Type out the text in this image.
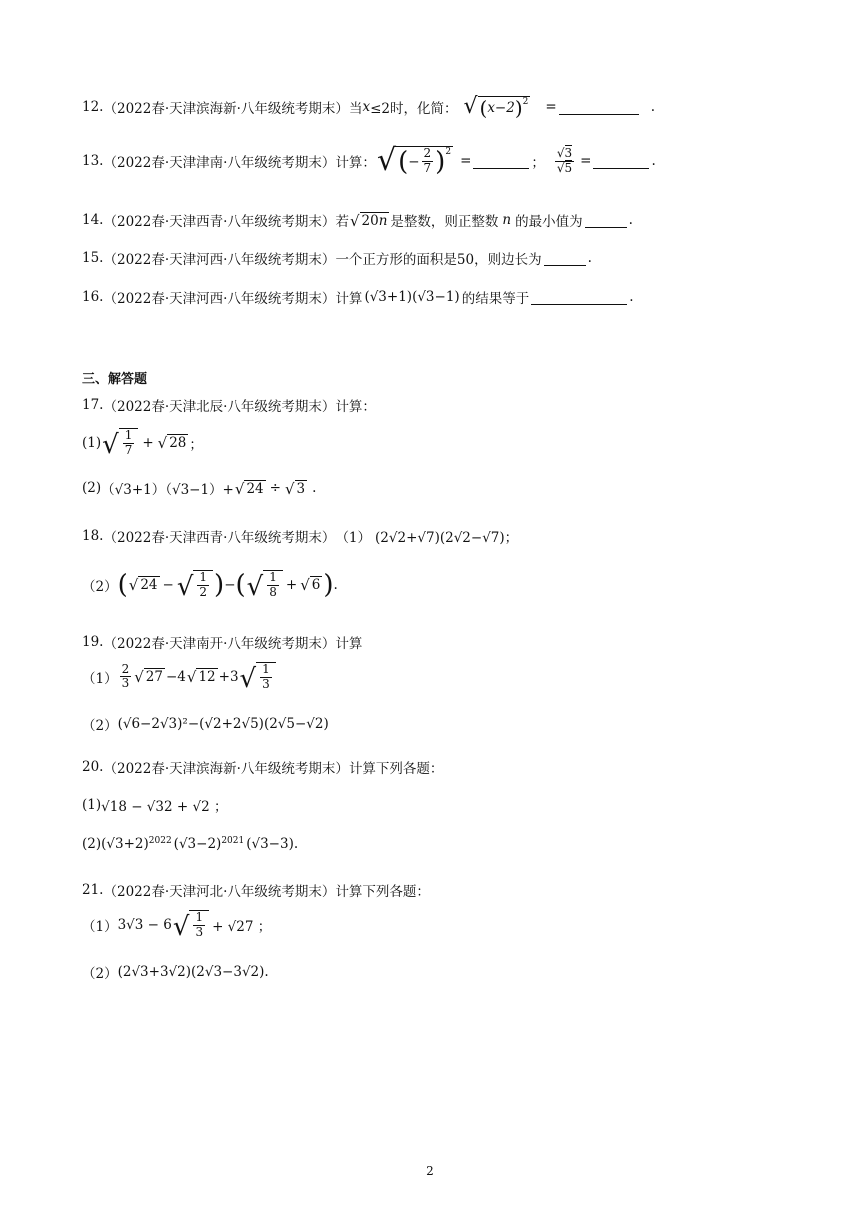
12. （2022春·天津滨海新·八年级统考期末） 当 x ≤2时，化简： √ ( x−2 )$^2$ =	.
13. （2022春·天津津南·八年级统考期末） 计算： √ ( − $\frac{2}{7} )^2$
=	； $\frac{√3}{√5}$ =	.
14. （2022春·天津西青·八年级统考期末） 若 √ 20 n 是整数，则正整数 n 的最小值为	.
15. （2022春·天津河西·八年级统考期末） 一个正方形的面积是50，则边长为	.
16. （2022春·天津河西·八年级统考期末） 计算 (√3+1)(√3−1) 的结果等于	.
三、解答题
17. （2022春·天津北辰·八年级统考期末） 计算：
(1) √ $\frac{1}{7}$ + √ 28 ；
(2) （√3+1）（√3−1）+ √ 24 ÷ √ 3 .
18. （2022春·天津西青·八年级统考期末） （1） (2√2+√7)(2√2−√7)；
（2） ( √ 24 − √ $\frac{1}{2}$ ) − ( √ $\frac{1}{8}$ + √ 6 ) .
19. （2022春·天津南开·八年级统考期末） 计算
$(1) \frac{2}{3}$ √ 27 −4 √ 12 +3 √ $\frac{1}{3}$
（2） (√6−2√3)²−(√2+2√5)(2√5−√2)
20. （2022春·天津滨海新·八年级统考期末） 计算下列各题：
(1) √18 − √32 + √2 ；
(2) $(√3+2)^{2022}$ $(√3-2)^{2021}$ (√3−3) .
21. （2022春·天津河北·八年级统考期末） 计算下列各题：
（1） 3√3 − 6 √ $\frac{1}{3} + √27$ ；
（2） (2√3+3√2)(2√3−3√2).
2
